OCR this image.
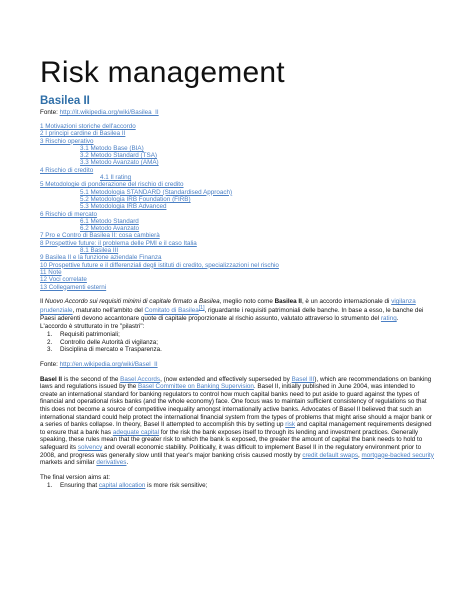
Risk management
Basilea II

Fonte: http://it.wikipedia.org/wiki/Basilea_II

1 Motivazioni storiche dell'accordo
2 I principi cardine di Basilea II
3 Rischio operativo
3.1 Metodo Base (BIA)
3.2 Metodo Standard (TSA)
3.3 Metodo Avanzato (AMA)
4 Rischio di credito
4.1 Il rating
5 Metodologie di ponderazione del rischio di credito
5.1 Metodologia STANDARD (Standardised Approach)
5.2 Metodologia IRB Foundation (FIRB)
5.3 Metodologia IRB Advanced
6 Rischio di mercato
6.1 Metodo Standard
6.2 Metodo Avanzato
7 Pro e Contro di Basilea II: cosa cambierà
8 Prospettive future: il problema delle PMI e il caso Italia
8.1 Basilea III
9 Basilea II e la funzione aziendale Finanza
10 Prospettive future e il differenziali degli istituti di credito, specializzazioni nel rischio
11 Note
12 Voci correlate
13 Collegamenti esterni

Il Nuovo Accordo sui requisiti minimi di capitale firmato a Basilea, meglio noto come Basilea II, è un accordo internazionale di vigilanza prudenziale, maturato nell'ambito del Comitato di Basilea[1], riguardante i requisiti patrimoniali delle banche. In base a esso, le banche dei Paesi aderenti devono accantonare quote di capitale proporzionate al rischio assunto, valutato attraverso lo strumento del rating.
L'accordo è strutturato in tre "pilastri":

1.	Requisiti patrimoniali;
2.	Controllo delle Autorità di vigilanza;
3.	Disciplina di mercato e Trasparenza.

Fonte: http://en.wikipedia.org/wiki/Basel_II

Basel II is the second of the Basel Accords, (now extended and effectively superseded by Basel III), which are recommendations on banking laws and regulations issued by the Basel Committee on Banking Supervision. Basel II, initially published in June 2004, was intended to create an international standard for banking regulators to control how much capital banks need to put aside to guard against the types of financial and operational risks banks (and the whole economy) face. One focus was to maintain sufficient consistency of regulations so that this does not become a source of competitive inequality amongst internationally active banks. Advocates of Basel II believed that such an international standard could help protect the international financial system from the types of problems that might arise should a major bank or a series of banks collapse. In theory, Basel II attempted to accomplish this by setting up risk and capital management requirements designed to ensure that a bank has adequate capital for the risk the bank exposes itself to through its lending and investment practices. Generally speaking, these rules mean that the greater risk to which the bank is exposed, the greater the amount of capital the bank needs to hold to safeguard its solvency and overall economic stability. Politically, it was difficult to implement Basel II in the regulatory environment prior to 2008, and progress was generally slow until that year's major banking crisis caused mostly by credit default swaps, mortgage-backed security markets and similar derivatives.

The final version aims at:

1.	Ensuring that capital allocation is more risk sensitive;
